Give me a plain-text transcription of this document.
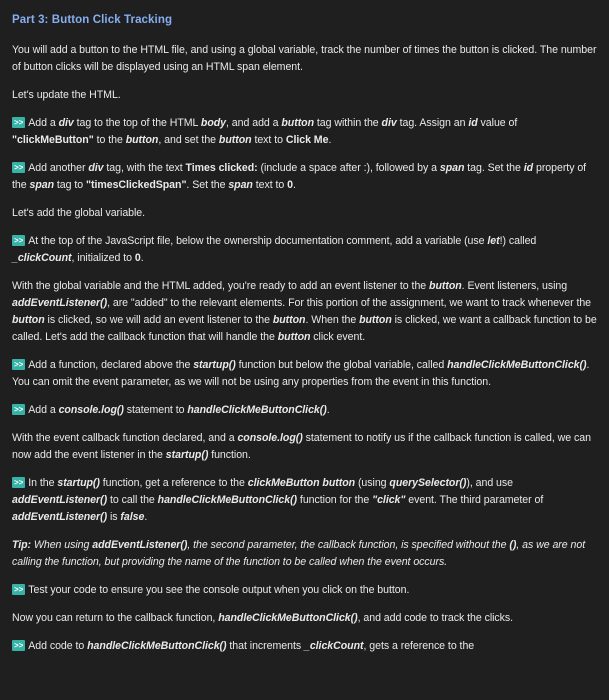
Part 3: Button Click Tracking

You will add a button to the HTML file, and using a global variable, track the number of times the button is clicked. The number of button clicks will be displayed using an HTML span element.

Let's update the HTML.

>> Add a div tag to the top of the HTML body, and add a button tag within the div tag. Assign an id value of "clickMeButton" to the button, and set the button text to Click Me.

>> Add another div tag, with the text Times clicked: (include a space after :), followed by a span tag. Set the id property of the span tag to "timesClickedSpan". Set the span text to 0.

Let's add the global variable.

>> At the top of the JavaScript file, below the ownership documentation comment, add a variable (use let!) called _clickCount, initialized to 0.

With the global variable and the HTML added, you're ready to add an event listener to the button. Event listeners, using addEventListener(), are "added" to the relevant elements. For this portion of the assignment, we want to track whenever the button is clicked, so we will add an event listener to the button. When the button is clicked, we want a callback function to be called. Let's add the callback function that will handle the button click event.

>> Add a function, declared above the startup() function but below the global variable, called handleClickMeButtonClick(). You can omit the event parameter, as we will not be using any properties from the event in this function.

>> Add a console.log() statement to handleClickMeButtonClick().

With the event callback function declared, and a console.log() statement to notify us if the callback function is called, we can now add the event listener in the startup() function.

>> In the startup() function, get a reference to the clickMeButton button (using querySelector()), and use addEventListener() to call the handleClickMeButtonClick() function for the "click" event. The third parameter of addEventListener() is false.

Tip: When using addEventListener(), the second parameter, the callback function, is specified without the (), as we are not calling the function, but providing the name of the function to be called when the event occurs.

>> Test your code to ensure you see the console output when you click on the button.

Now you can return to the callback function, handleClickMeButtonClick(), and add code to track the clicks.

>> Add code to handleClickMeButtonClick() that increments _clickCount, gets a reference to the
